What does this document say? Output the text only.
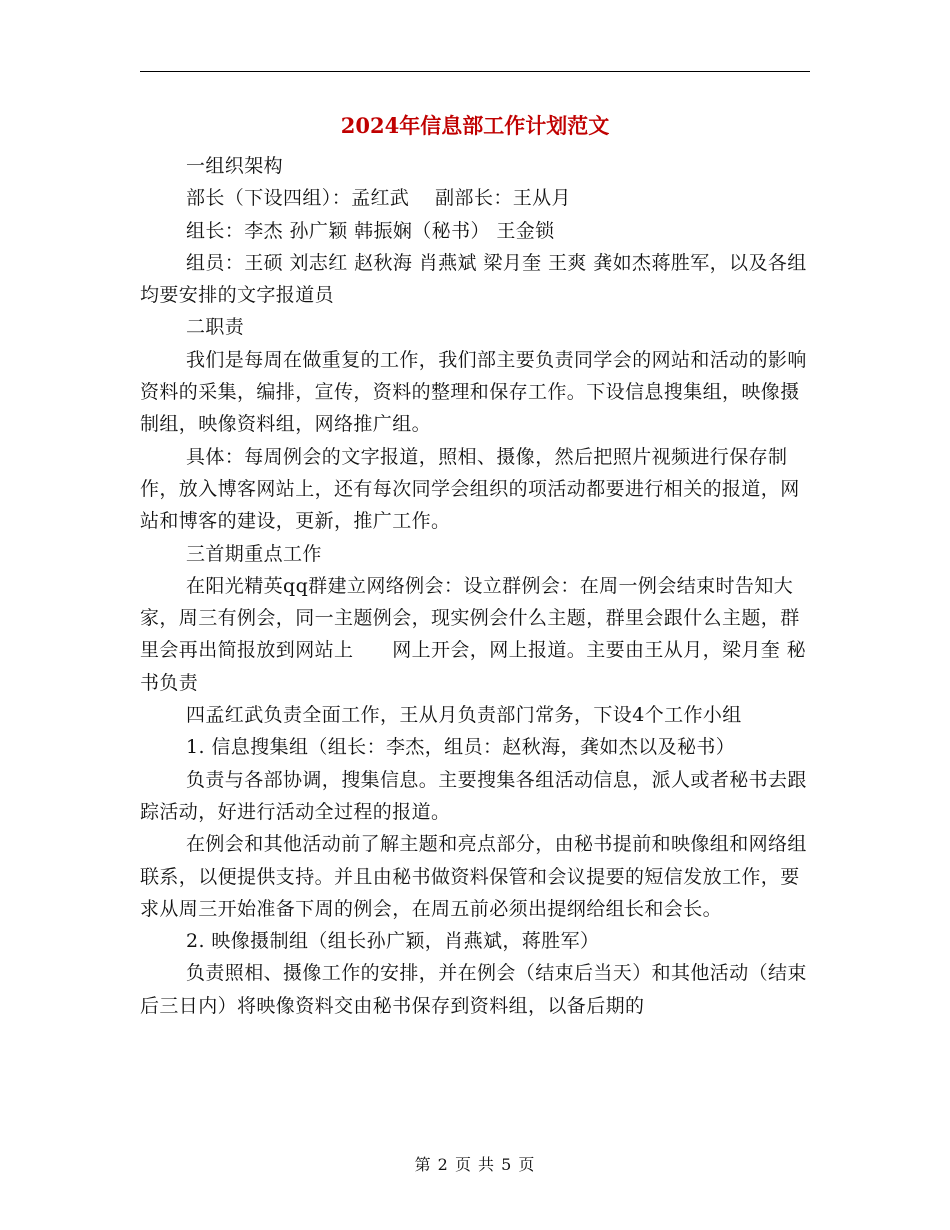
2024年信息部工作计划范文

一组织架构

部长（下设四组）：孟红武　 副部长：王从月

组长：李杰 孙广颖 韩振娴（秘书） 王金锁

组员：王硕 刘志红 赵秋海 肖燕斌 梁月奎 王爽 龚如杰蒋胜军，以及各组均要安排的文字报道员

二职责

我们是每周在做重复的工作，我们部主要负责同学会的网站和活动的影响资料的采集，编排，宣传，资料的整理和保存工作。下设信息搜集组，映像摄制组，映像资料组，网络推广组。

具体：每周例会的文字报道，照相、摄像，然后把照片视频进行保存制作，放入博客网站上，还有每次同学会组织的项活动都要进行相关的报道，网站和博客的建设，更新，推广工作。

三首期重点工作

在阳光精英qq群建立网络例会：设立群例会：在周一例会结束时告知大家，周三有例会，同一主题例会，现实例会什么主题，群里会跟什么主题，群里会再出简报放到网站上　　网上开会，网上报道。主要由王从月，梁月奎 秘书负责

四孟红武负责全面工作，王从月负责部门常务，下设4个工作小组

1. 信息搜集组（组长：李杰，组员：赵秋海，龚如杰以及秘书）

负责与各部协调，搜集信息。主要搜集各组活动信息，派人或者秘书去跟踪活动，好进行活动全过程的报道。

在例会和其他活动前了解主题和亮点部分，由秘书提前和映像组和网络组联系，以便提供支持。并且由秘书做资料保管和会议提要的短信发放工作，要求从周三开始准备下周的例会，在周五前必须出提纲给组长和会长。

2. 映像摄制组（组长孙广颖，肖燕斌，蒋胜军）

负责照相、摄像工作的安排，并在例会（结束后当天）和其他活动（结束后三日内）将映像资料交由秘书保存到资料组，以备后期的

第 2 页 共 5 页
